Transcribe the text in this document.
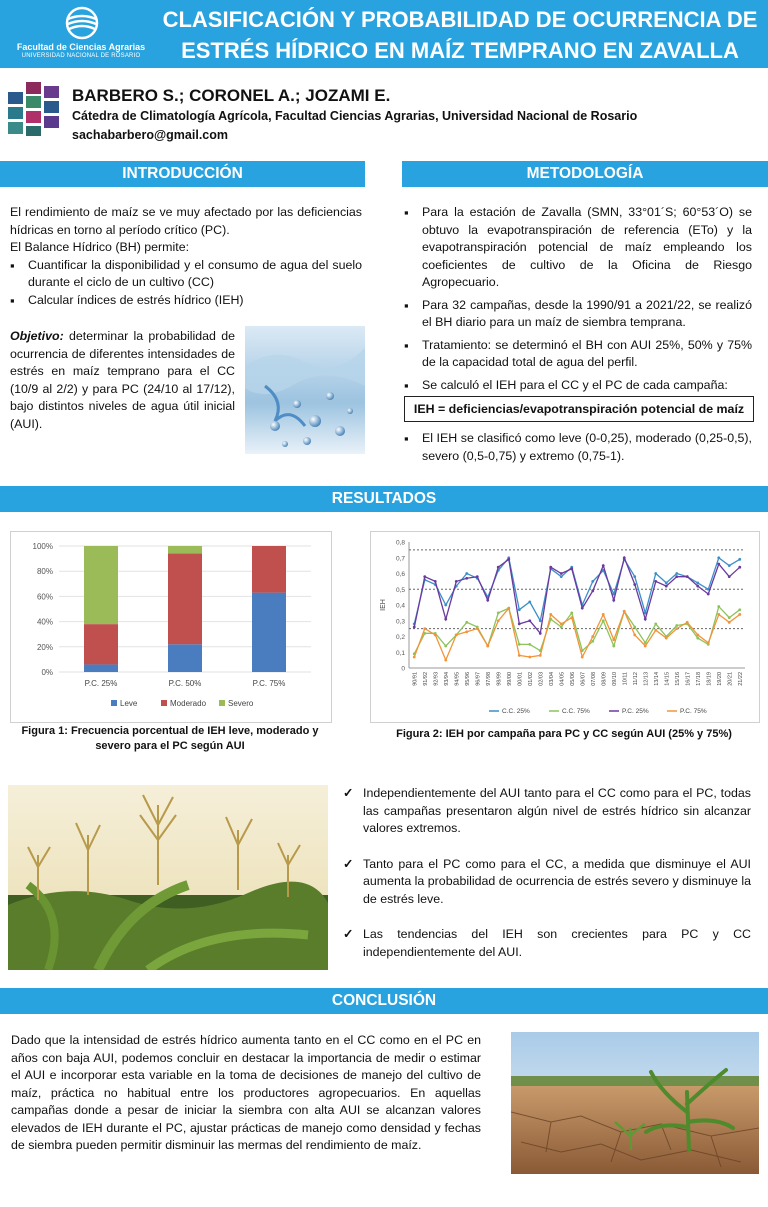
Facultad de Ciencias Agrarias
UNIVERSIDAD NACIONAL DE ROSARIO
CLASIFICACIÓN Y PROBABILIDAD DE OCURRENCIA DE
ESTRÉS HÍDRICO EN MAÍZ TEMPRANO EN ZAVALLA
BARBERO S.; CORONEL A.; JOZAMI E.
Cátedra de Climatología Agrícola, Facultad Ciencias Agrarias, Universidad Nacional de Rosario
sachabarbero@gmail.com
INTRODUCCIÓN
El rendimiento de maíz se ve muy afectado por las deficiencias hídricas en torno al período crítico (PC).
El Balance Hídrico (BH) permite:
▪ Cuantificar la disponibilidad y el consumo de agua del suelo durante el ciclo de un cultivo (CC)
▪ Calcular índices de estrés hídrico (IEH)
Objetivo: determinar la probabilidad de ocurrencia de diferentes intensidades de estrés en maíz temprano para el CC (10/9 al 2/2) y para PC (24/10 al 17/12), bajo distintos niveles de agua útil inicial (AUI).
METODOLOGÍA
▪ Para la estación de Zavalla (SMN, 33°01´S; 60°53´O) se obtuvo la evapotranspiración de referencia (ETo) y la evapotranspiración potencial de maíz empleando los coeficientes de cultivo de la Oficina de Riesgo Agropecuario.
▪ Para 32 campañas, desde la 1990/91 a 2021/22, se realizó el BH diario para un maíz de siembra temprana.
▪ Tratamiento: se determinó el BH con AUI 25%, 50% y 75% de la capacidad total de agua del perfil.
▪ Se calculó el IEH para el CC y el PC de cada campaña:
IEH = deficiencias/evapotranspiración potencial de maíz
▪ El IEH se clasificó como leve (0-0,25), moderado (0,25-0,5), severo (0,5-0,75) y extremo (0,75-1).
RESULTADOS
0%
20%
40%
60%
80%
100%
P.C. 25%	P.C. 50%	P.C. 75%
Leve	Moderado	Severo
Figura 1: Frecuencia porcentual de IEH leve, moderado y severo para el PC según AUI
0
0,1
0,2
0,3
0,4
0,5
0,6
0,7
0,8
IEH
90/91 91/92 92/93 93/94 94/95 95/96 96/97 97/98 98/99 99/00 00/01 01/02 02/03 03/04 04/05 05/06 06/07 07/08 08/09 09/10 10/11 11/12 12/13 13/14 14/15 15/16 16/17 17/18 18/19 19/20 20/21 21/22
C.C. 25%	C.C. 75%	P.C. 25%	P.C. 75%
Figura 2: IEH por campaña para PC y CC según AUI (25% y 75%)
✓ Independientemente del AUI tanto para el CC como para el PC, todas las campañas presentaron algún nivel de estrés hídrico sin alcanzar valores extremos.
✓ Tanto para el PC como para el CC, a medida que disminuye el AUI aumenta la probabilidad de ocurrencia de estrés severo y disminuye la de estrés leve.
✓ Las tendencias del IEH son crecientes para PC y CC independientemente del AUI.
CONCLUSIÓN
Dado que la intensidad de estrés hídrico aumenta tanto en el CC como en el PC en años con baja AUI, podemos concluir en destacar la importancia de medir o estimar el AUI e incorporar esta variable en la toma de decisiones de manejo del cultivo de maíz, práctica no habitual entre los productores agropecuarios. En aquellas campañas donde a pesar de iniciar la siembra con alta AUI se alcanzan valores elevados de IEH durante el PC, ajustar prácticas de manejo como densidad y fechas de siembra pueden permitir disminuir las mermas del rendimiento de maíz.
